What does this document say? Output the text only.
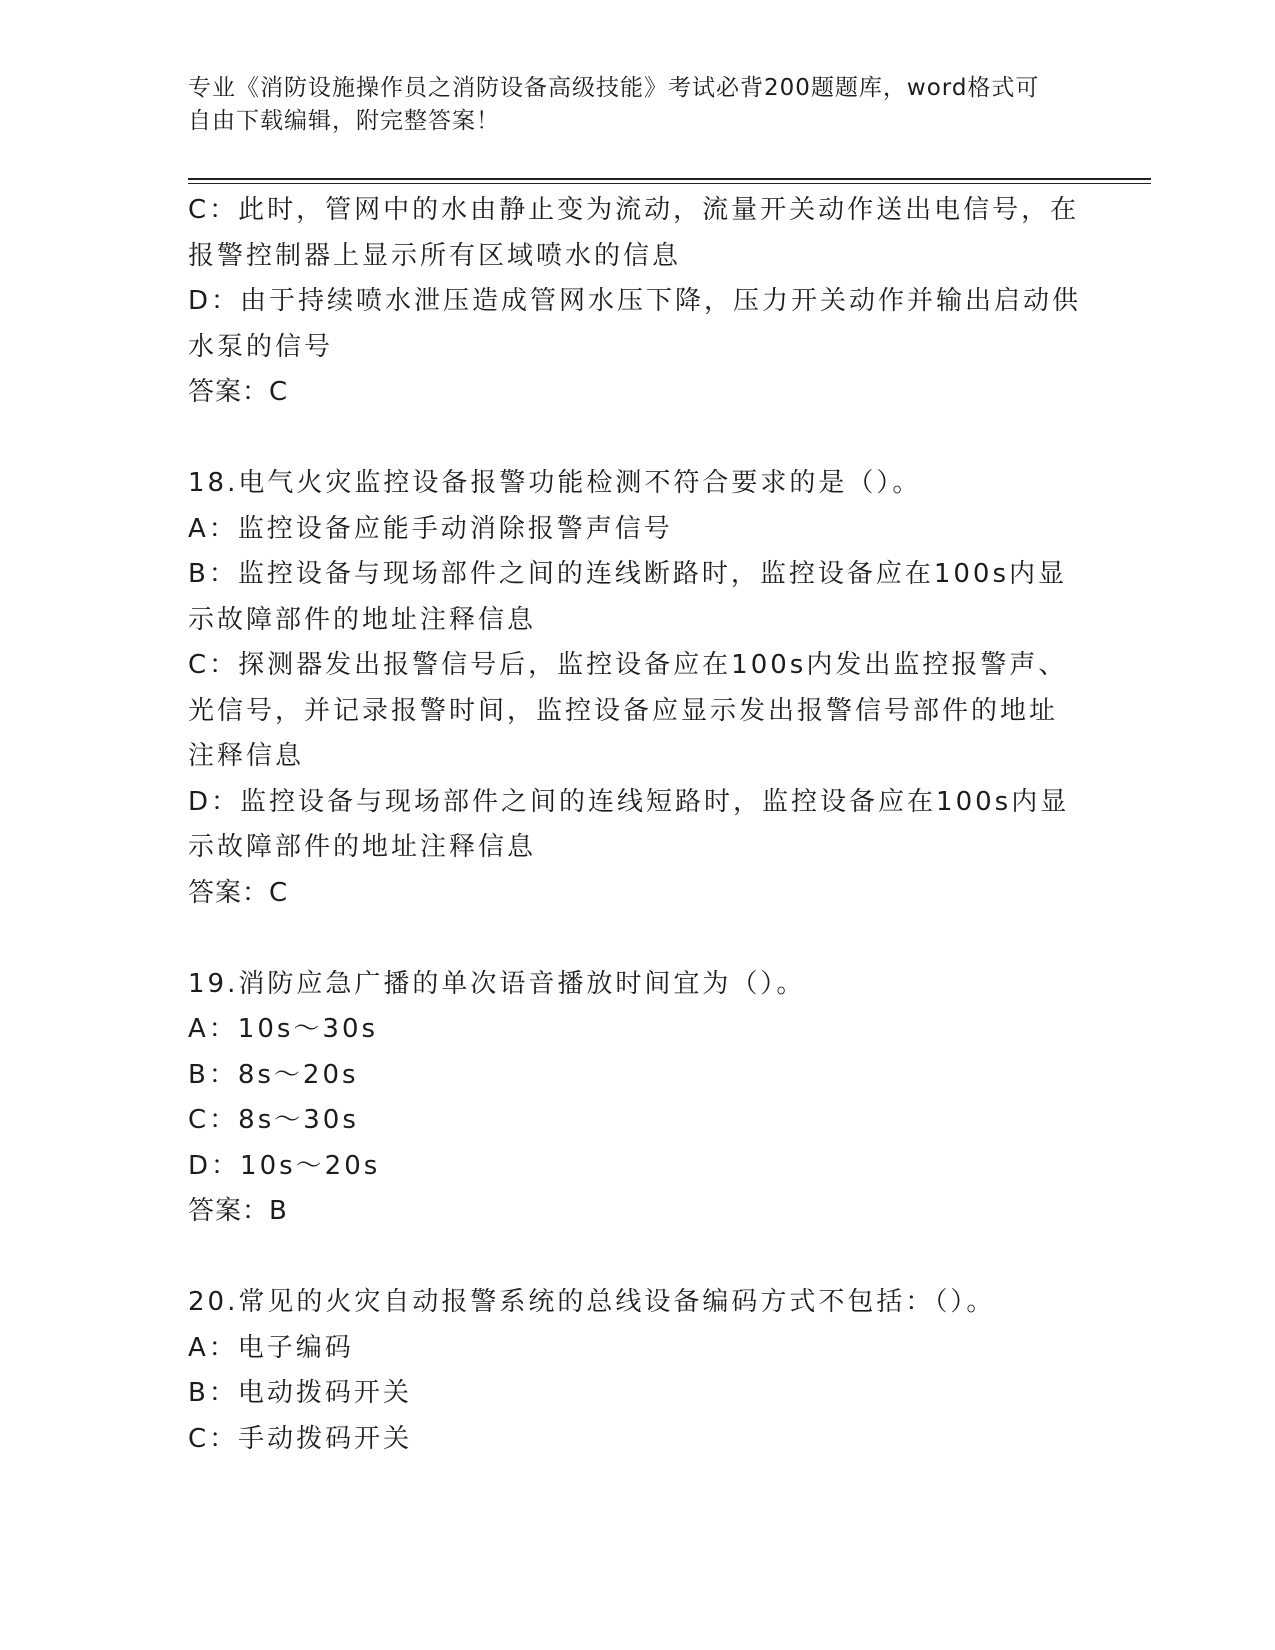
专业《消防设施操作员之消防设备高级技能》考试必背200题题库，word格式可
自由下载编辑，附完整答案！
C：此时，管网中的水由静止变为流动，流量开关动作送出电信号，在
报警控制器上显示所有区域喷水的信息
D：由于持续喷水泄压造成管网水压下降，压力开关动作并输出启动供
水泵的信号
答案：C
18.电气火灾监控设备报警功能检测不符合要求的是（）。
A：监控设备应能手动消除报警声信号
B：监控设备与现场部件之间的连线断路时，监控设备应在100s内显
示故障部件的地址注释信息
C：探测器发出报警信号后，监控设备应在100s内发出监控报警声、
光信号，并记录报警时间，监控设备应显示发出报警信号部件的地址
注释信息
D：监控设备与现场部件之间的连线短路时，监控设备应在100s内显
示故障部件的地址注释信息
答案：C
19.消防应急广播的单次语音播放时间宜为（）。
A：10s～30s
B：8s～20s
C：8s～30s
D：10s～20s
答案：B
20.常见的火灾自动报警系统的总线设备编码方式不包括：（）。
A：电子编码
B：电动拨码开关
C：手动拨码开关
